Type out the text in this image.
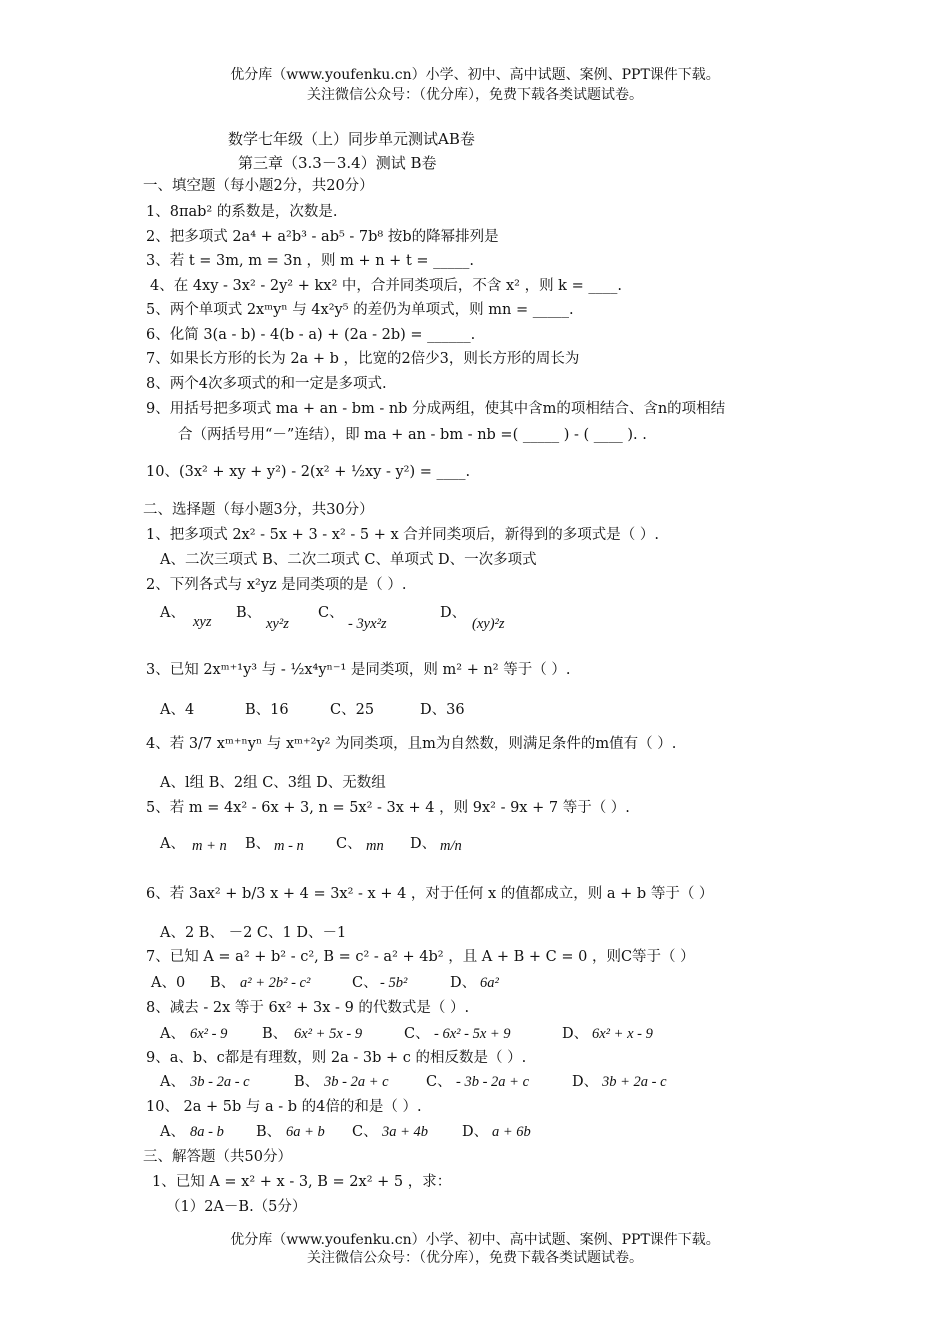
优分库（www.youfenku.cn）小学、初中、高中试题、案例、PPT课件下载。
关注微信公众号：（优分库），免费下载各类试题试卷。
数学七年级（上）同步单元测试AB卷
第三章（3.3－3.4）测试 B卷
一、填空题（每小题2分，共20分）
1、8πab² 的系数是，次数是.
2、把多项式 2a⁴ + a²b³ - ab⁵ - 7b⁸ 按b的降幂排列是
3、若 t = 3m, m = 3n ，则 m + n + t = _____.
4、在 4xy - 3x² - 2y² + kx² 中，合并同类项后，不含 x² ，则 k = ____.
5、两个单项式 2xᵐyⁿ 与 4x²y⁵ 的差仍为单项式，则 mn = _____.
6、化简 3(a - b) - 4(b - a) + (2a - 2b) = ______.
7、如果长方形的长为 2a + b ，比宽的2倍少3，则长方形的周长为
8、两个4次多项式的和一定是多项式.
9、用括号把多项式 ma + an - bm - nb 分成两组，使其中含m的项相结合、含n的项相结
合（两括号用“－”连结），即 ma + an - bm - nb =( _____ ) - ( ____ ). .
10、(3x² + xy + y²) - 2(x² + ½xy - y²) = ____.
二、选择题（每小题3分，共30分）
1、把多项式 2x² - 5x + 3 - x² - 5 + x 合并同类项后，新得到的多项式是（ ）.
A、二次三项式 B、二次二项式 C、单项式 D、一次多项式
2、下列各式与 x²yz 是同类项的是（ ）.
A、
xyz
B、
xy²z
C、
- 3yx²z
D、
(xy)²z
3、已知 2xᵐ⁺¹y³ 与 - ½x⁴yⁿ⁻¹ 是同类项，则 m² + n² 等于（ ）.
A、4	B、16	C、25	D、36
4、若 3/7 xᵐ⁺ⁿyⁿ 与 xᵐ⁺²y² 为同类项，且m为自然数，则满足条件的m值有（ ）.
A、l组 B、2组 C、3组 D、无数组
5、若 m = 4x² - 6x + 3, n = 5x² - 3x + 4 ，则 9x² - 9x + 7 等于（ ）.
A、 m + n B、 m - n C、 mn D、 m/n
6、若 3ax² + b/3 x + 4 = 3x² - x + 4 ，对于任何 x 的值都成立，则 a + b 等于（ ）
A、2 B、 －2 C、1 D、－1
7、已知 A = a² + b² - c², B = c² - a² + 4b² ，且 A + B + C = 0 ，则C等于（ ）
A、0 B、 a² + 2b² - c²	C、 - 5b²	D、 6a²
8、减去 - 2x 等于 6x² + 3x - 9 的代数式是（ ）.
A、 6x² - 9 B、 6x² + 5x - 9	C、 - 6x² - 5x + 9	D、 6x² + x - 9
9、a、b、c都是有理数，则 2a - 3b + c 的相反数是（ ）.
A、 3b - 2a - c	B、 3b - 2a + c	C、 - 3b - 2a + c	D、 3b + 2a - c
10、 2a + 5b 与 a - b 的4倍的和是（ ）.
A、 8a - b B、 6a + b C、 3a + 4b D、 a + 6b
三、解答题（共50分）
1、已知 A = x² + x - 3, B = 2x² + 5 ，求：
（1）2A－B.（5分）
优分库（www.youfenku.cn）小学、初中、高中试题、案例、PPT课件下载。
关注微信公众号：（优分库），免费下载各类试题试卷。
